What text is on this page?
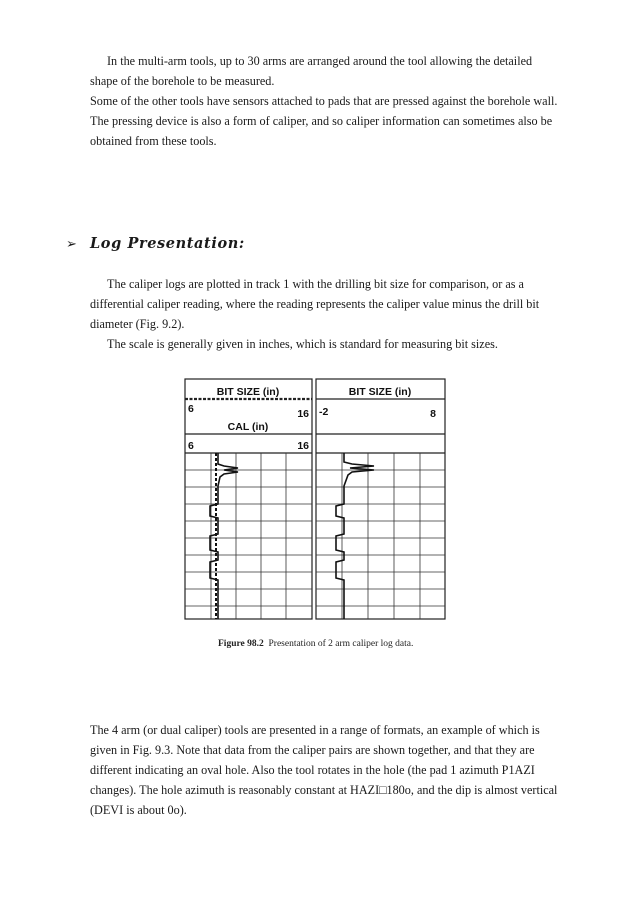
In the multi-arm tools, up to 30 arms are arranged around the tool allowing the detailed
shape of the borehole to be measured.
Some of the other tools have sensors attached to pads that are pressed against the borehole wall.
The pressing device is also a form of caliper, and so caliper information can sometimes also be
obtained from these tools.
➢ Log Presentation:
The caliper logs are plotted in track 1 with the drilling bit size for comparison, or as a
differential caliper reading, where the reading represents the caliper value minus the drill bit
diameter (Fig. 9.2).
The scale is generally given in inches, which is standard for measuring bit sizes.
BIT SIZE (in)
6	16
CAL (in)
6	16
BIT SIZE (in)
-2	8
Figure 98.2 Presentation of 2 arm caliper log data.
The 4 arm (or dual caliper) tools are presented in a range of formats, an example of which is
given in Fig. 9.3. Note that data from the caliper pairs are shown together, and that they are
different indicating an oval hole. Also the tool rotates in the hole (the pad 1 azimuth P1AZI
changes). The hole azimuth is reasonably constant at HAZI□180o, and the dip is almost vertical
(DEVI is about 0o).
